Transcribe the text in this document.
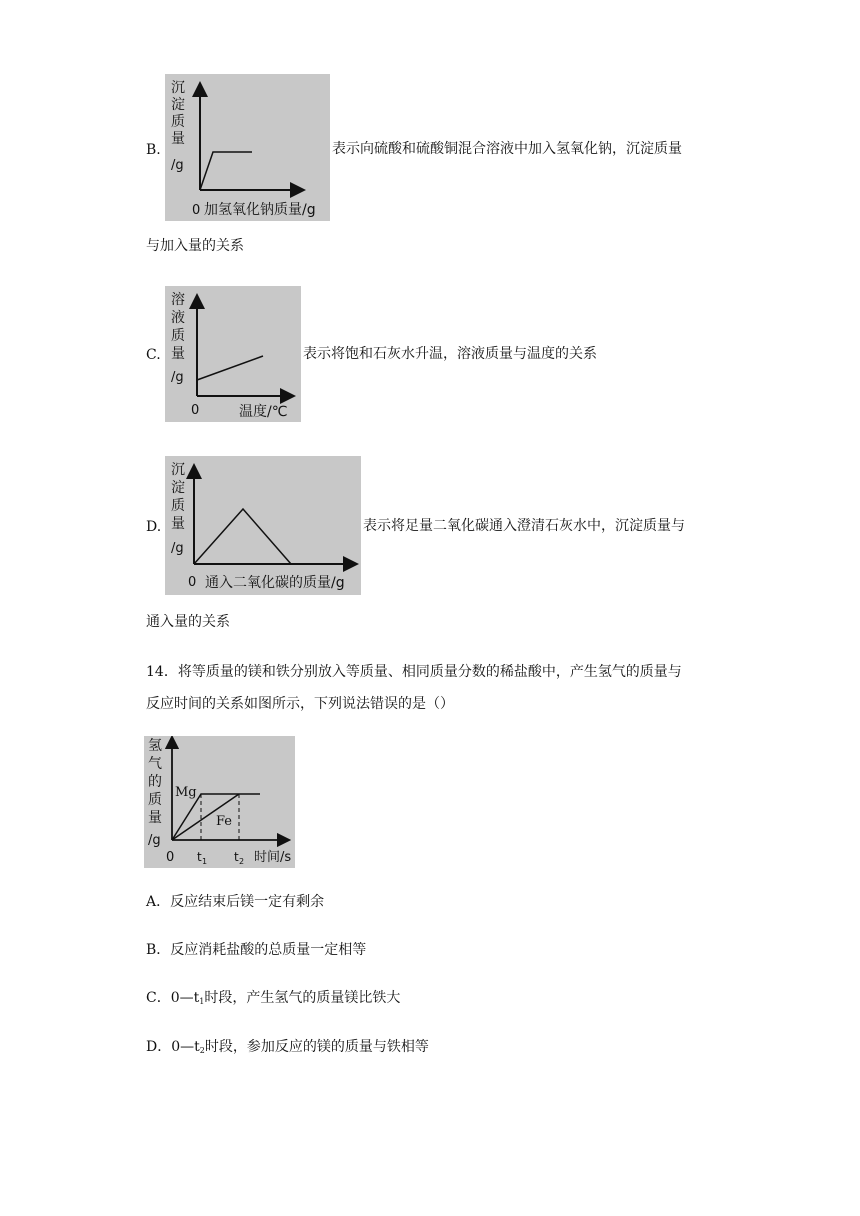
B.
沉
淀
质
量
/g
0 加氢氧化钠质量/g
表示向硫酸和硫酸铜混合溶液中加入氢氧化钠，沉淀质量
与加入量的关系
C.
溶
液
质
量
/g
0	温度/℃
表示将饱和石灰水升温，溶液质量与温度的关系
D.
沉
淀
质
量
/g
0 通入二氧化碳的质量/g
表示将足量二氧化碳通入澄清石灰水中，沉淀质量与
通入量的关系
14．将等质量的镁和铁分别放入等质量、相同质量分数的稀盐酸中，产生氢气的质量与
反应时间的关系如图所示，下列说法错误的是（）
氢
气
的
质
量
/g
Mg
Fe
0 t 1 t 2 时间/s
A．反应结束后镁一定有剩余
B．反应消耗盐酸的总质量一定相等
C．$0—t_1$时段，产生氢气的质量镁比铁大
D．$0—t_2$时段，参加反应的镁的质量与铁相等
